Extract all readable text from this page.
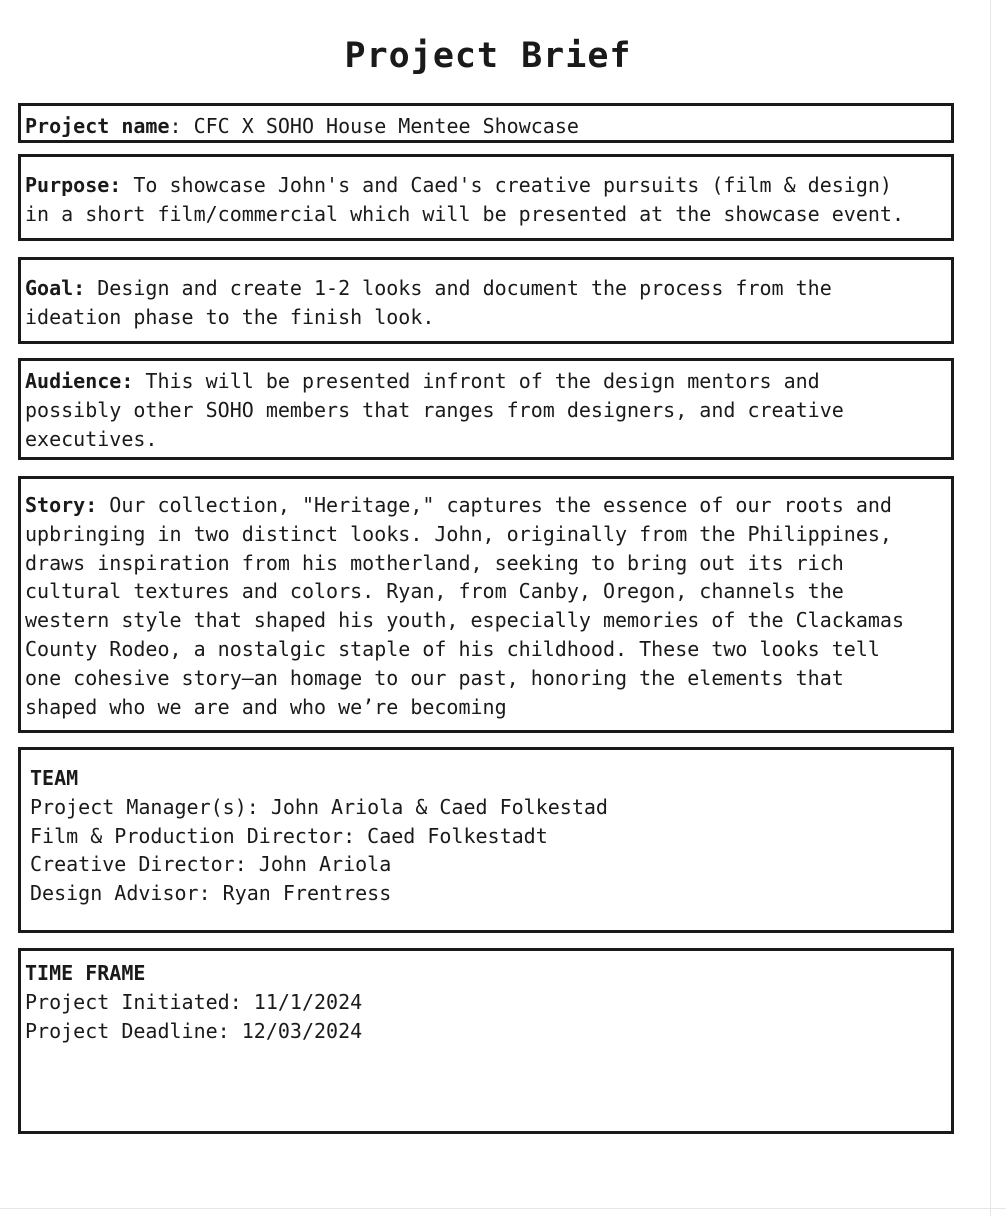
Project Brief

Project name: CFC X SOHO House Mentee Showcase

Purpose: To showcase John's and Caed's creative pursuits (film & design)

in a short film/commercial which will be presented at the showcase event.

Goal: Design and create 1-2 looks and document the process from the

ideation phase to the finish look.

Audience: This will be presented infront of the design mentors and

possibly other SOHO members that ranges from designers, and creative

executives.

Story: Our collection, "Heritage," captures the essence of our roots and

upbringing in two distinct looks. John, originally from the Philippines,

draws inspiration from his motherland, seeking to bring out its rich

cultural textures and colors. Ryan, from Canby, Oregon, channels the

western style that shaped his youth, especially memories of the Clackamas

County Rodeo, a nostalgic staple of his childhood. These two looks tell

one cohesive story—an homage to our past, honoring the elements that

shaped who we are and who we’re becoming

TEAM

Project Manager(s): John Ariola & Caed Folkestad

Film & Production Director: Caed Folkestadt

Creative Director: John Ariola

Design Advisor: Ryan Frentress

TIME FRAME

Project Initiated: 11/1/2024

Project Deadline: 12/03/2024
